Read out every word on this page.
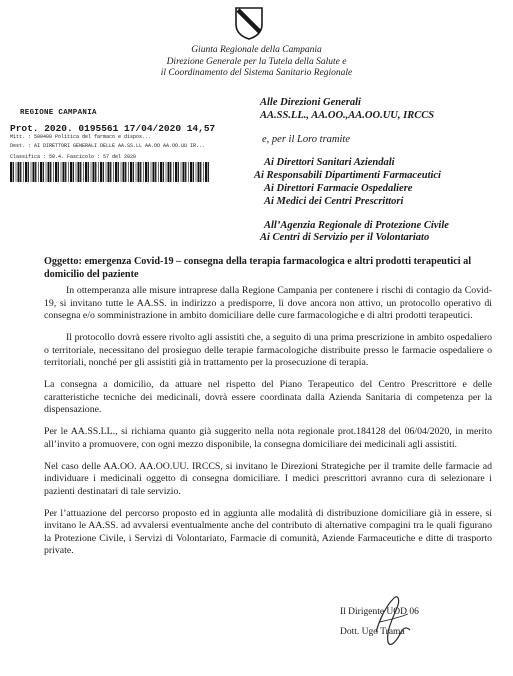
Giunta Regionale della Campania
Direzione Generale per la Tutela della Salute e
il Coordinamento del Sistema Sanitario Regionale
REGIONE CAMPANIA
Prot. 2020. 0195561 17/04/2020 14,57
Mitt. : 500400 Politica del farmaco e dispos...
Dest. : AI DIRETTORI GENERALI DELLE AA.SS.LL AA.OO AA.OO.UU IR...
Classifica : 50.4. Fascicolo : 57 del 2020
Alle Direzioni Generali
AA.SS.LL., AA.OO.,AA.OO.UU, IRCCS
e, per il Loro tramite
Ai Direttori Sanitari Aziendali
Ai Responsabili Dipartimenti Farmaceutici
Ai Direttori Farmacie Ospedaliere
Ai Medici dei Centri Prescrittori
All’Agenzia Regionale di Protezione Civile
Ai Centri di Servizio per il Volontariato
Oggetto: emergenza Covid-19 – consegna della terapia farmacologica e altri prodotti terapeutici al domicilio del paziente

In ottemperanza alle misure intraprese dalla Regione Campania per contenere i rischi di contagio da Covid-19, si invitano tutte le AA.SS. in indirizzo a predisporre, lì dove ancora non attivo, un protocollo operativo di consegna e/o somministrazione in ambito domiciliare delle cure farmacologiche e di altri prodotti terapeutici.

Il protocollo dovrà essere rivolto agli assistiti che, a seguito di una prima prescrizione in ambito ospedaliero o territoriale, necessitano del prosieguo delle terapie farmacologiche distribuite presso le farmacie ospedaliere o territoriali, nonché per gli assistiti già in trattamento per la prosecuzione di terapia.

La consegna a domicilio, da attuare nel rispetto del Piano Terapeutico del Centro Prescrittore e delle caratteristiche tecniche dei medicinali, dovrà essere coordinata dalla Azienda Sanitaria di competenza per la dispensazione.

Per le AA.SS.LL., si richiama quanto già suggerito nella nota regionale prot.184128 del 06/04/2020, in merito all’invito a promuovere, con ogni mezzo disponibile, la consegna domiciliare dei medicinali agli assistiti.

Nel caso delle AA.OO. AA.OO.UU. IRCCS, si invitano le Direzioni Strategiche per il tramite delle farmacie ad individuare i medicinali oggetto di consegna domiciliare. I medici prescrittori avranno cura di selezionare i pazienti destinatari di tale servizio.

Per l’attuazione del percorso proposto ed in aggiunta alle modalità di distribuzione domiciliare già in essere, si invitano le AA.SS. ad avvalersi eventualmente anche del contributo di alternative compagini tra le quali figurano la Protezione Civile, i Servizi di Volontariato, Farmacie di comunità, Aziende Farmaceutiche e ditte di trasporto private.

Il Dirigente UOD 06
Dott. Ugo Trama
